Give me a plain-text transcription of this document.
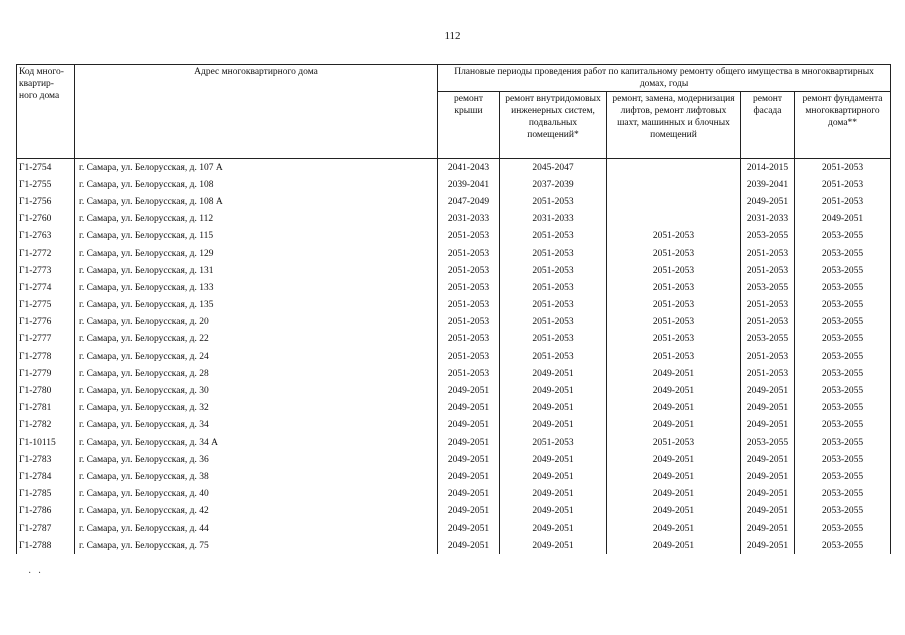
112
Код много-квартир-ного дома	Адрес многоквартирного дома	Плановые периоды проведения работ по капитальному ремонту общего имущества в многоквартирных домах, годы				
		ремонт крыши	ремонт внутридомовых инженерных систем, подвальных помещений*	ремонт, замена, модернизация лифтов, ремонт лифтовых шахт, машинных и блочных помещений	ремонт фасада	ремонт фундамента многоквартирного дома**
Г1-2754	г. Самара, ул. Белорусская, д. 107 А	2041-2043	2045-2047		2014-2015	2051-2053
Г1-2755	г. Самара, ул. Белорусская, д. 108	2039-2041	2037-2039		2039-2041	2051-2053
Г1-2756	г. Самара, ул. Белорусская, д. 108 А	2047-2049	2051-2053		2049-2051	2051-2053
Г1-2760	г. Самара, ул. Белорусская, д. 112	2031-2033	2031-2033		2031-2033	2049-2051
Г1-2763	г. Самара, ул. Белорусская, д. 115	2051-2053	2051-2053	2051-2053	2053-2055	2053-2055
Г1-2772	г. Самара, ул. Белорусская, д. 129	2051-2053	2051-2053	2051-2053	2051-2053	2053-2055
Г1-2773	г. Самара, ул. Белорусская, д. 131	2051-2053	2051-2053	2051-2053	2051-2053	2053-2055
Г1-2774	г. Самара, ул. Белорусская, д. 133	2051-2053	2051-2053	2051-2053	2053-2055	2053-2055
Г1-2775	г. Самара, ул. Белорусская, д. 135	2051-2053	2051-2053	2051-2053	2051-2053	2053-2055
Г1-2776	г. Самара, ул. Белорусская, д. 20	2051-2053	2051-2053	2051-2053	2051-2053	2053-2055
Г1-2777	г. Самара, ул. Белорусская, д. 22	2051-2053	2051-2053	2051-2053	2053-2055	2053-2055
Г1-2778	г. Самара, ул. Белорусская, д. 24	2051-2053	2051-2053	2051-2053	2051-2053	2053-2055
Г1-2779	г. Самара, ул. Белорусская, д. 28	2051-2053	2049-2051	2049-2051	2051-2053	2053-2055
Г1-2780	г. Самара, ул. Белорусская, д. 30	2049-2051	2049-2051	2049-2051	2049-2051	2053-2055
Г1-2781	г. Самара, ул. Белорусская, д. 32	2049-2051	2049-2051	2049-2051	2049-2051	2053-2055
Г1-2782	г. Самара, ул. Белорусская, д. 34	2049-2051	2049-2051	2049-2051	2049-2051	2053-2055
Г1-10115	г. Самара, ул. Белорусская, д. 34 А	2049-2051	2051-2053	2051-2053	2053-2055	2053-2055
Г1-2783	г. Самара, ул. Белорусская, д. 36	2049-2051	2049-2051	2049-2051	2049-2051	2053-2055
Г1-2784	г. Самара, ул. Белорусская, д. 38	2049-2051	2049-2051	2049-2051	2049-2051	2053-2055
Г1-2785	г. Самара, ул. Белорусская, д. 40	2049-2051	2049-2051	2049-2051	2049-2051	2053-2055
Г1-2786	г. Самара, ул. Белорусская, д. 42	2049-2051	2049-2051	2049-2051	2049-2051	2053-2055
Г1-2787	г. Самара, ул. Белорусская, д. 44	2049-2051	2049-2051	2049-2051	2049-2051	2053-2055
Г1-2788	г. Самара, ул. Белорусская, д. 75	2049-2051	2049-2051	2049-2051	2049-2051	2053-2055
· ·
